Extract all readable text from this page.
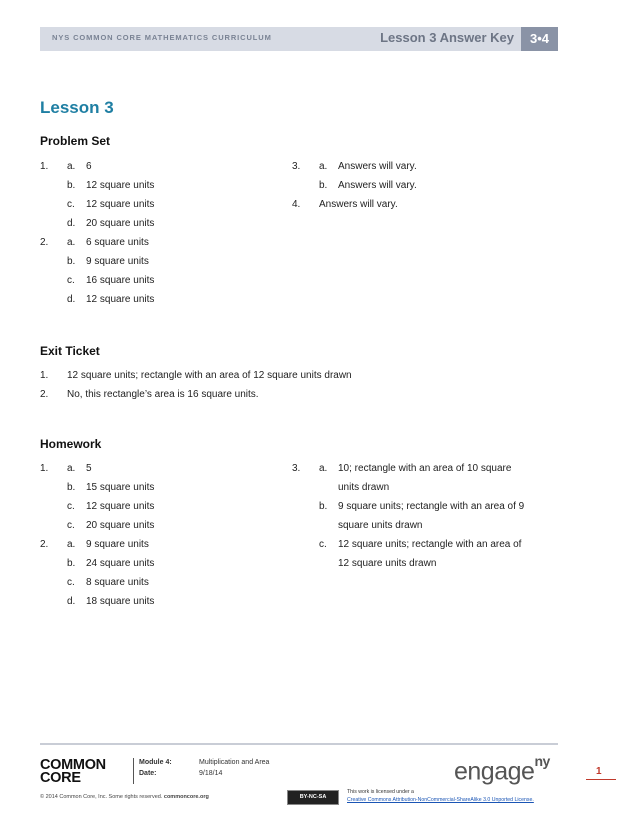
NYS COMMON CORE MATHEMATICS CURRICULUM	Lesson 3 Answer Key	3•4
Lesson 3
Problem Set
1. a. 6
b. 12 square units
c. 12 square units
d. 20 square units
2. a. 6 square units
b. 9 square units
c. 16 square units
d. 12 square units
3. a. Answers will vary.
b. Answers will vary.
4. Answers will vary.
Exit Ticket
1. 12 square units; rectangle with an area of 12 square units drawn
2. No, this rectangle’s area is 16 square units.
Homework
1. a. 5
b. 15 square units
c. 12 square units
c. 20 square units
2. a. 9 square units
b. 24 square units
c. 8 square units
d. 18 square units
3. a. 10; rectangle with an area of 10 square
units drawn
b. 9 square units; rectangle with an area of 9
square units drawn
c. 12 square units; rectangle with an area of
12 square units drawn
COMMON
CORE
Module 4:	Multiplication and Area
Date:	9/18/14	engage$^{ny}$
1
© 2014 Common Core, Inc. Some rights reserved. commoncore.org	BY-NC-SA
This work is licensed under a
Creative Commons Attribution-NonCommercial-ShareAlike 3.0 Unported License.
